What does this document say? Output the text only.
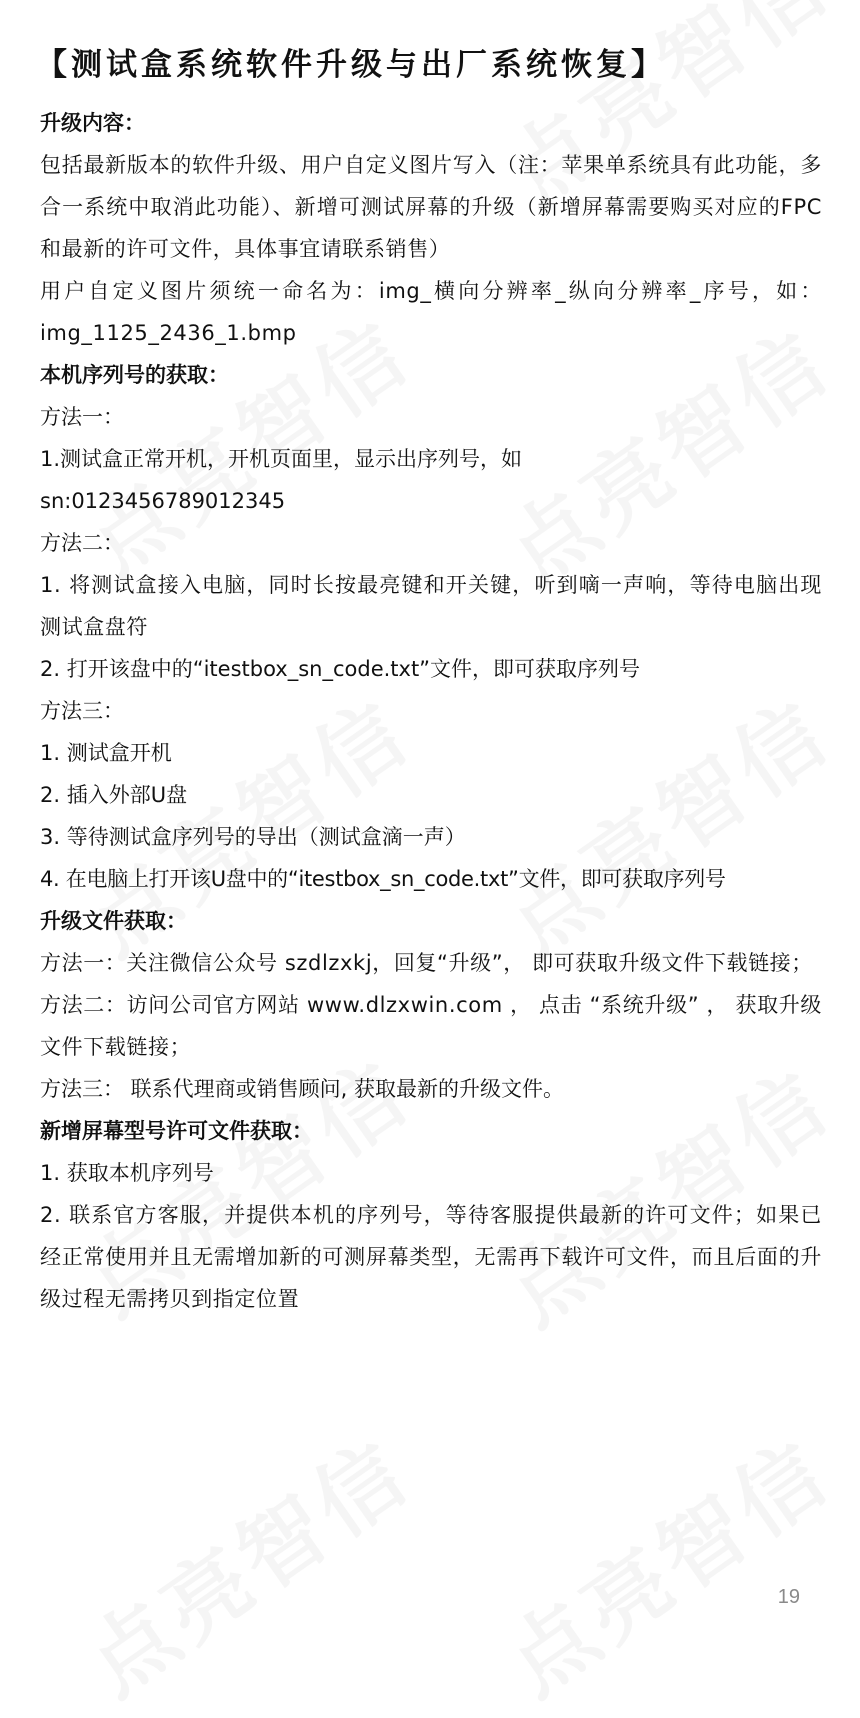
【测试盒系统软件升级与出厂系统恢复】

升级内容：

包括最新版本的软件升级、用户自定义图片写入（注：苹果单系统具有此功能，多合一系统中取消此功能）、新增可测试屏幕的升级（新增屏幕需要购买对应的FPC和最新的许可文件，具体事宜请联系销售）

用户自定义图片须统一命名为：img_横向分辨率_纵向分辨率_序号，如：img_1125_2436_1.bmp

本机序列号的获取：

方法一：

1.测试盒正常开机，开机页面里，显示出序列号，如

sn:0123456789012345

方法二：

1. 将测试盒接入电脑，同时长按最亮键和开关键，听到嘀一声响，等待电脑出现测试盒盘符

2. 打开该盘中的“itestbox_sn_code.txt”文件，即可获取序列号

方法三：

1. 测试盒开机

2. 插入外部U盘

3. 等待测试盒序列号的导出（测试盒滴一声）

4. 在电脑上打开该U盘中的“itestbox_sn_code.txt”文件，即可获取序列号

升级文件获取：

方法一：关注微信公众号 szdlzxkj，回复“升级”， 即可获取升级文件下载链接；

方法二：访问公司官方网站 www.dlzxwin.com ， 点击 “系统升级” ， 获取升级文件下载链接；

方法三： 联系代理商或销售顾问, 获取最新的升级文件。

新增屏幕型号许可文件获取：

1. 获取本机序列号

2. 联系官方客服，并提供本机的序列号，等待客服提供最新的许可文件；如果已经正常使用并且无需增加新的可测屏幕类型，无需再下载许可文件，而且后面的升级过程无需拷贝到指定位置

19
